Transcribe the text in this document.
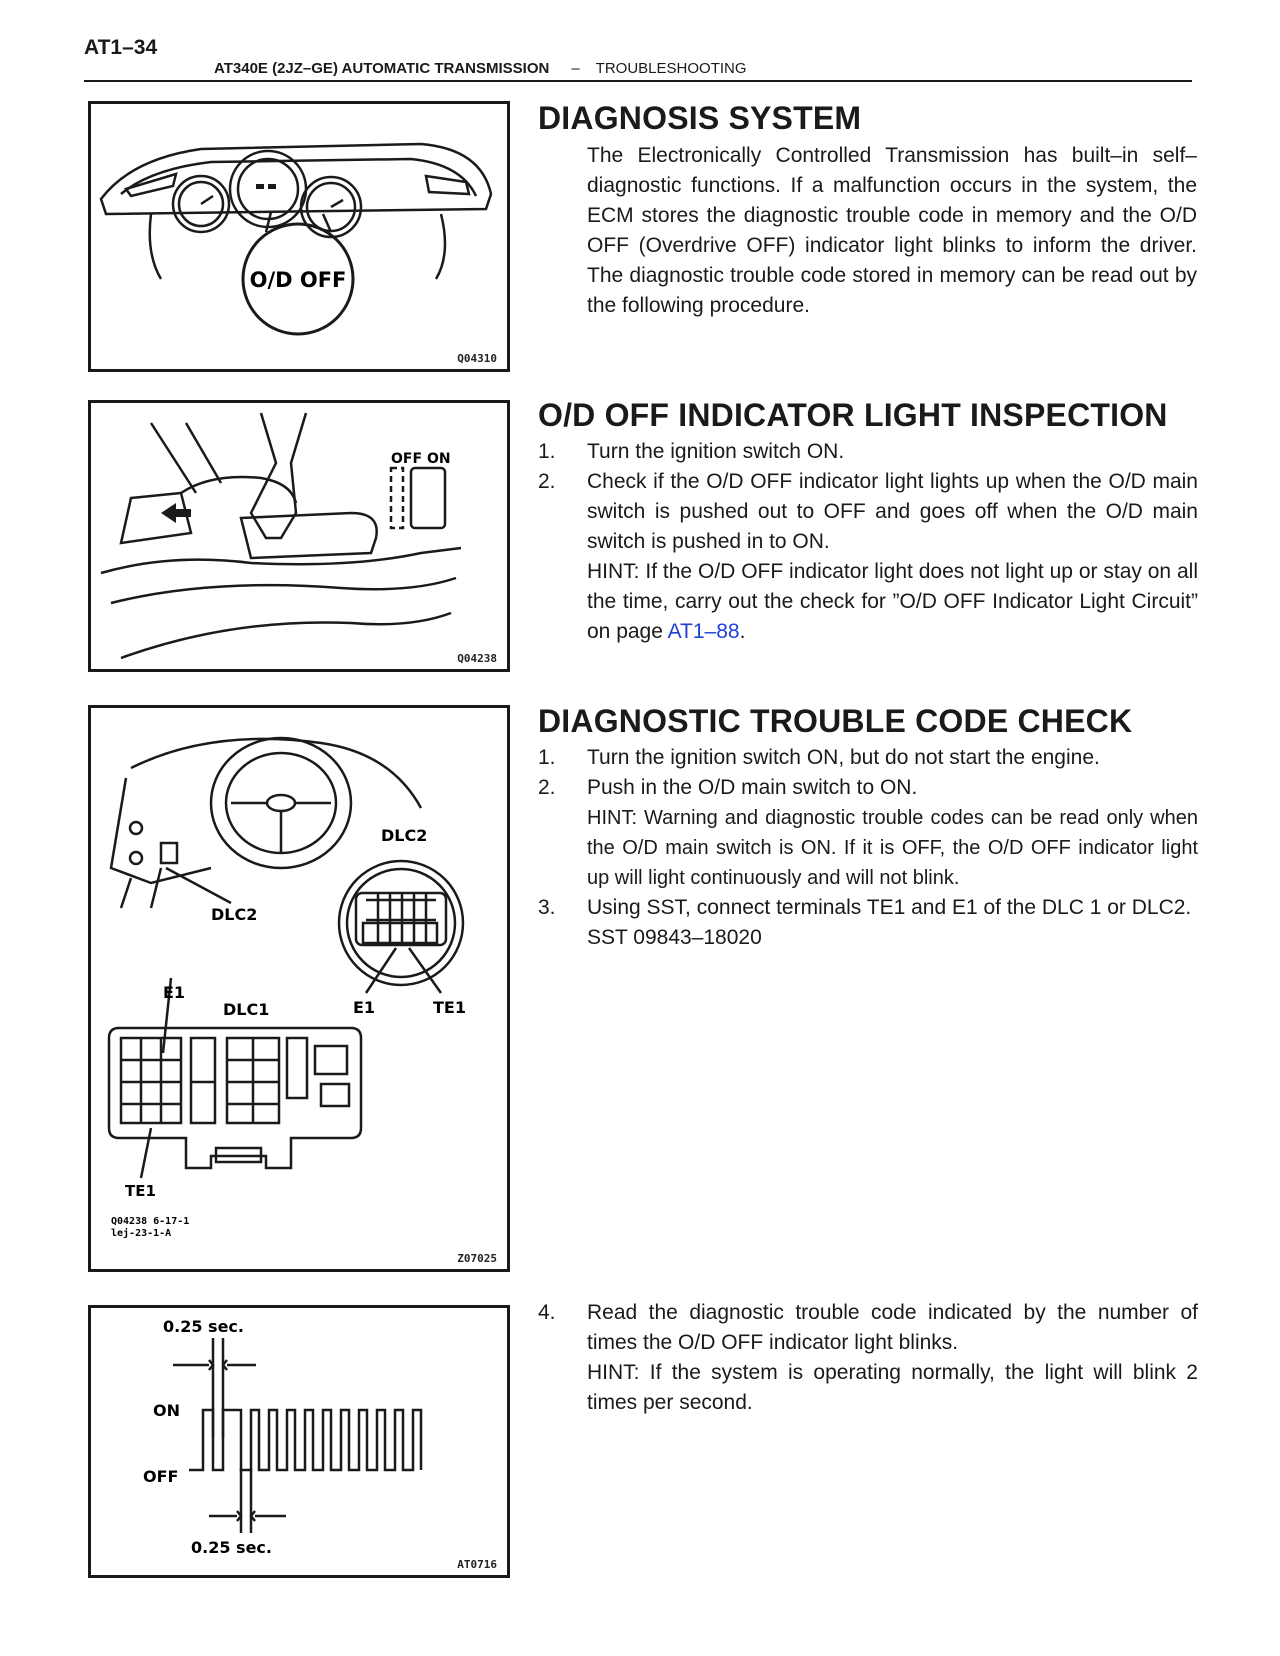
AT1–34
AT340E (2JZ–GE) AUTOMATIC TRANSMISSION – TROUBLESHOOTING
O/D OFF
Q04310
DIAGNOSIS SYSTEM
The Electronically Controlled Transmission has built–in self–diagnostic functions. If a malfunction occurs in the system, the ECM stores the diagnostic trouble code in memory and the O/D OFF (Overdrive OFF) indicator light blinks to inform the driver. The diagnostic trouble code stored in memory can be read out by the following procedure.
OFF ON
Q04238
O/D OFF INDICATOR LIGHT INSPECTION
1.	Turn the ignition switch ON.
2.	Check if the O/D OFF indicator light lights up when the O/D main switch is pushed out to OFF and goes off when the O/D main switch is pushed in to ON.
HINT: If the O/D OFF indicator light does not light up or stay on all the time, carry out the check for ”O/D OFF Indicator Light Circuit” on page AT1–88.
DLC2
DLC2
E1	TE1
E1
DLC1
TE1
Q04238 6-17-1
lej-23-1-A
Z07025
DIAGNOSTIC TROUBLE CODE CHECK
1.	Turn the ignition switch ON, but do not start the engine.
2.	Push in the O/D main switch to ON.
HINT: Warning and diagnostic trouble codes can be read only when the O/D main switch is ON. If it is OFF, the O/D OFF indicator light up will light continuously and will not blink.
3.	Using SST, connect terminals TE1 and E1 of the DLC 1 or DLC2.
SST 09843–18020
0.25 sec.
ON
OFF
0.25 sec.
AT0716
4.	Read the diagnostic trouble code indicated by the number of times the O/D OFF indicator light blinks.
HINT: If the system is operating normally, the light will blink 2 times per second.
